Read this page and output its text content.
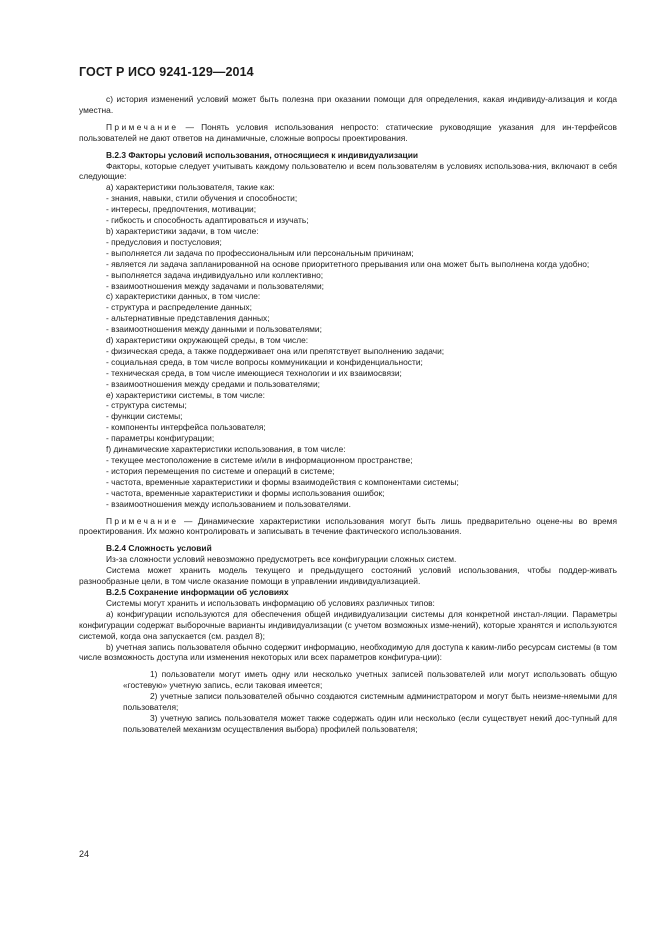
ГОСТ Р ИСО 9241-129—2014

c) история изменений условий может быть полезна при оказании помощи для определения, какая индивиду-ализация и когда уместна.

Примечание — Понять условия использования непросто: статические руководящие указания для ин-терфейсов пользователей не дают ответов на динамичные, сложные вопросы проектирования.

В.2.3 Факторы условий использования, относящиеся к индивидуализации

Факторы, которые следует учитывать каждому пользователю и всем пользователям в условиях использова-ния, включают в себя следующие:

a) характеристики пользователя, такие как:

- знания, навыки, стили обучения и способности;

- интересы, предпочтения, мотивации;

- гибкость и способность адаптироваться и изучать;

b) характеристики задачи, в том числе:

- предусловия и постусловия;

- выполняется ли задача по профессиональным или персональным причинам;

- является ли задача запланированной на основе приоритетного прерывания или она может быть выполнена когда удобно;

- выполняется задача индивидуально или коллективно;

- взаимоотношения между задачами и пользователями;

c) характеристики данных, в том числе:

- структура и распределение данных;

- альтернативные представления данных;

- взаимоотношения между данными и пользователями;

d) характеристики окружающей среды, в том числе:

- физическая среда, а также поддерживает она или препятствует выполнению задачи;

- социальная среда, в том числе вопросы коммуникации и конфиденциальности;

- техническая среда, в том числе имеющиеся технологии и их взаимосвязи;

- взаимоотношения между средами и пользователями;

e) характеристики системы, в том числе:

- структура системы;

- функции системы;

- компоненты интерфейса пользователя;

- параметры конфигурации;

f) динамические характеристики использования, в том числе:

- текущее местоположение в системе и/или в информационном пространстве;

- история перемещения по системе и операций в системе;

- частота, временные характеристики и формы взаимодействия с компонентами системы;

- частота, временные характеристики и формы использования ошибок;

- взаимоотношения между использованием и пользователями.

Примечание — Динамические характеристики использования могут быть лишь предварительно оцене-ны во время проектирования. Их можно контролировать и записывать в течение фактического использования.

В.2.4 Сложность условий

Из-за сложности условий невозможно предусмотреть все конфигурации сложных систем.

Система может хранить модель текущего и предыдущего состояний условий использования, чтобы поддер-живать разнообразные цели, в том числе оказание помощи в управлении индивидуализацией.

В.2.5 Сохранение информации об условиях

Системы могут хранить и использовать информацию об условиях различных типов:

a) конфигурации используются для обеспечения общей индивидуализации системы для конкретной инстал-ляции. Параметры конфигурации содержат выборочные варианты индивидуализации (с учетом возможных изме-нений), которые хранятся и используются системой, когда она запускается (см. раздел 8);

b) учетная запись пользователя обычно содержит информацию, необходимую для доступа к каким-либо ресурсам системы (в том числе возможность доступа или изменения некоторых или всех параметров конфигура-ции):

1) пользователи могут иметь одну или несколько учетных записей пользователей или могут использовать общую «гостевую» учетную запись, если таковая имеется;

2) учетные записи пользователей обычно создаются системным администратором и могут быть неизме-няемыми для пользователя;

3) учетную запись пользователя может также содержать один или несколько (если существует некий дос-тупный для пользователей механизм осуществления выбора) профилей пользователя;

24
